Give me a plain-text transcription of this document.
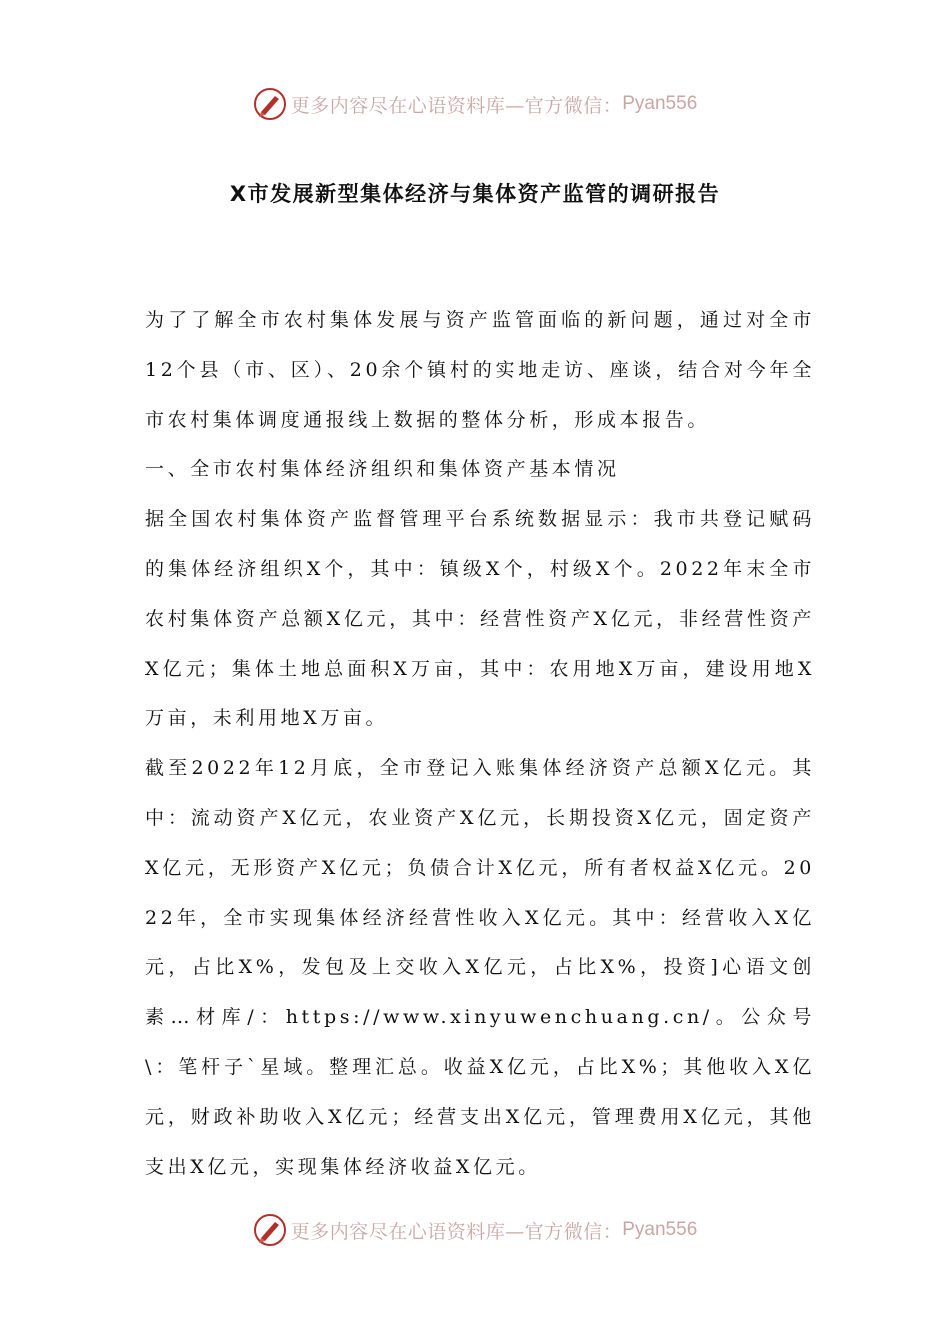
更多内容尽在心语资料库—官方微信： Pyan556
X市发展新型集体经济与集体资产监管的调研报告

为了了解全市农村集体发展与资产监管面临的新问题，通过对全市12个县（市、区）、20余个镇村的实地走访、座谈，结合对今年全市农村集体调度通报线上数据的整体分析，形成本报告。

一、全市农村集体经济组织和集体资产基本情况

据全国农村集体资产监督管理平台系统数据显示：我市共登记赋码的集体经济组织X个，其中：镇级X个，村级X个。2022年末全市农村集体资产总额X亿元，其中：经营性资产X亿元，非经营性资产X亿元；集体土地总面积X万亩，其中：农用地X万亩，建设用地X万亩，未利用地X万亩。

截至2022年12月底，全市登记入账集体经济资产总额X亿元。其中：流动资产X亿元，农业资产X亿元，长期投资X亿元，固定资产X亿元，无形资产X亿元；负债合计X亿元，所有者权益X亿元。2022年，全市实现集体经济经营性收入X亿元。其中：经营收入X亿元，占比X%，发包及上交收入X亿元，占比X%，投资]心语文创素…材库/：https://www.xinyuwenchuang.cn/。公众号\：笔杆子`星域。整理汇总。收益X亿元，占比X%；其他收入X亿元，财政补助收入X亿元；经营支出X亿元，管理费用X亿元，其他支出X亿元，实现集体经济收益X亿元。

更多内容尽在心语资料库—官方微信： Pyan556
